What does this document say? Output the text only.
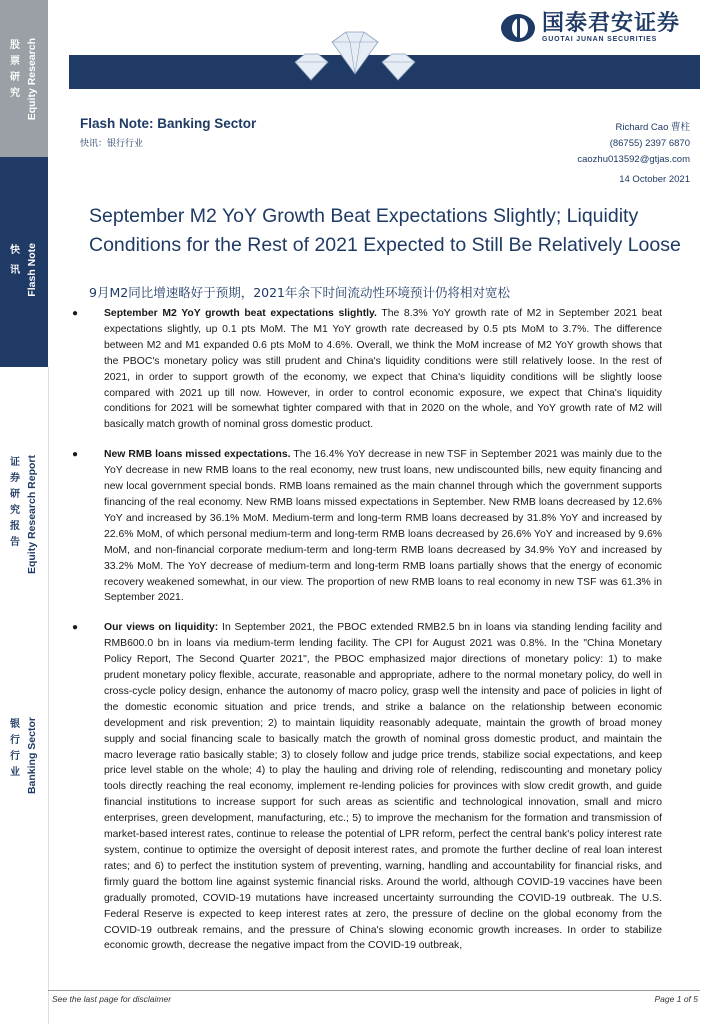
股
票
研
究 Equity Research
快
讯 Flash Note
证
券
研
究
报
告 Equity Research Report
银
行
行
业 Banking Sector
国泰君安证券
GUOTAI JUNAN SECURITIES
Flash Note: Banking Sector
快讯：银行行业
Richard Cao 曹柱
(86755) 2397 6870
caozhu013592@gtjas.com
14 October 2021
September M2 YoY Growth Beat Expectations Slightly; Liquidity Conditions for the Rest of 2021 Expected to Still Be Relatively Loose
9月M2同比增速略好于预期，2021年余下时间流动性环境预计仍将相对宽松
● September M2 YoY growth beat expectations slightly. The 8.3% YoY growth rate of M2 in September 2021 beat expectations slightly, up 0.1 pts MoM. The M1 YoY growth rate decreased by 0.5 pts MoM to 3.7%. The difference between M2 and M1 expanded 0.6 pts MoM to 4.6%. Overall, we think the MoM increase of M2 YoY growth shows that the PBOC's monetary policy was still prudent and China's liquidity conditions were still relatively loose. In the rest of 2021, in order to support growth of the economy, we expect that China's liquidity conditions will be slightly loose compared with 2021 up till now. However, in order to control economic exposure, we expect that China's liquidity conditions for 2021 will be somewhat tighter compared with that in 2020 on the whole, and YoY growth rate of M2 will basically match growth of nominal gross domestic product.
● New RMB loans missed expectations. The 16.4% YoY decrease in new TSF in September 2021 was mainly due to the YoY decrease in new RMB loans to the real economy, new trust loans, new undiscounted bills, new equity financing and new local government special bonds. RMB loans remained as the main channel through which the government supports financing of the real economy. New RMB loans missed expectations in September. New RMB loans decreased by 12.6% YoY and increased by 36.1% MoM. Medium-term and long-term RMB loans decreased by 31.8% YoY and increased by 22.6% MoM, of which personal medium-term and long-term RMB loans decreased by 26.6% YoY and increased by 9.6% MoM, and non-financial corporate medium-term and long-term RMB loans decreased by 34.9% YoY and increased by 33.2% MoM. The YoY decrease of medium-term and long-term RMB loans partially shows that the energy of economic recovery weakened somewhat, in our view. The proportion of new RMB loans to real economy in new TSF was 61.3% in September 2021.
● Our views on liquidity: In September 2021, the PBOC extended RMB2.5 bn in loans via standing lending facility and RMB600.0 bn in loans via medium-term lending facility. The CPI for August 2021 was 0.8%. In the "China Monetary Policy Report, The Second Quarter 2021", the PBOC emphasized major directions of monetary policy: 1) to make prudent monetary policy flexible, accurate, reasonable and appropriate, adhere to the normal monetary policy, do well in cross-cycle policy design, enhance the autonomy of macro policy, grasp well the intensity and pace of policies in light of the domestic economic situation and price trends, and strike a balance on the relationship between economic development and risk prevention; 2) to maintain liquidity reasonably adequate, maintain the growth of broad money supply and social financing scale to basically match the growth of nominal gross domestic product, and maintain the macro leverage ratio basically stable; 3) to closely follow and judge price trends, stabilize social expectations, and keep price level stable on the whole; 4) to play the hauling and driving role of relending, rediscounting and monetary policy tools directly reaching the real economy, implement re-lending policies for provinces with slow credit growth, and guide financial institutions to increase support for such areas as scientific and technological innovation, small and micro enterprises, green development, manufacturing, etc.; 5) to improve the mechanism for the formation and transmission of market-based interest rates, continue to release the potential of LPR reform, perfect the central bank's policy interest rate system, continue to optimize the oversight of deposit interest rates, and promote the further decline of real loan interest rates; and 6) to perfect the institution system of preventing, warning, handling and accountability for financial risks, and firmly guard the bottom line against systemic financial risks. Around the world, although COVID-19 vaccines have been gradually promoted, COVID-19 mutations have increased uncertainty surrounding the COVID-19 outbreak. The U.S. Federal Reserve is expected to keep interest rates at zero, the pressure of decline on the global economy from the COVID-19 outbreak remains, and the pressure of China's slowing economic growth increases. In order to stabilize economic growth, decrease the negative impact from the COVID-19 outbreak,
See the last page for disclaimer	Page 1 of 5
